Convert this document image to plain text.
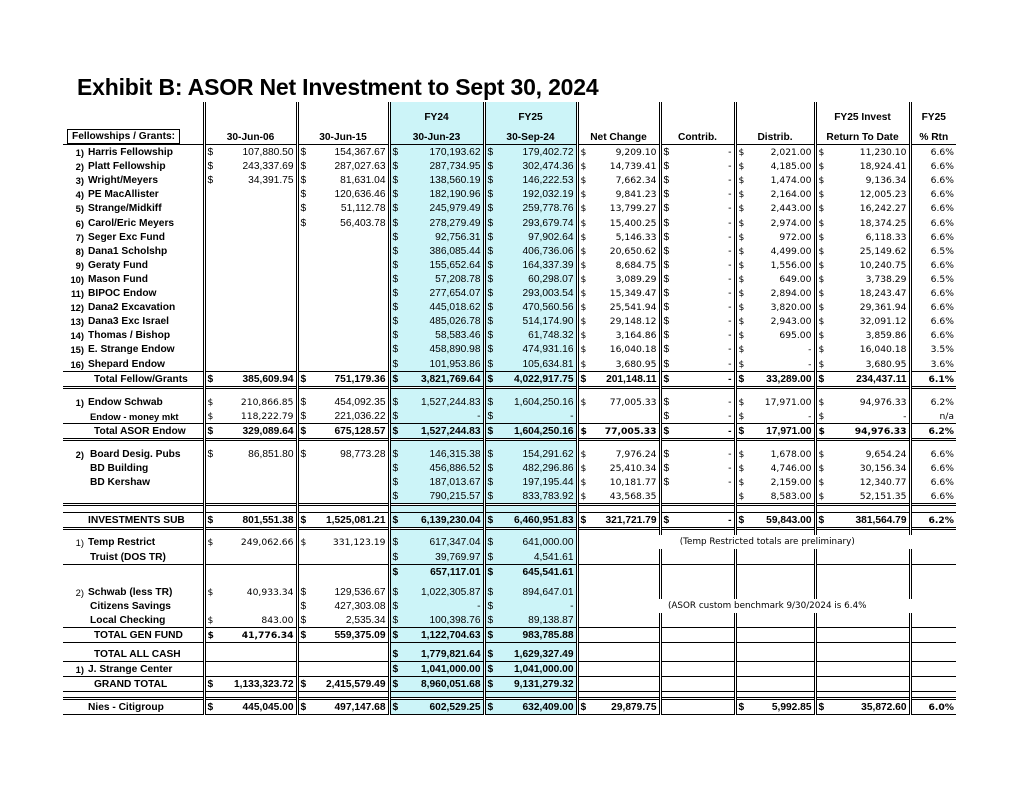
Exhibit B: ASOR Net Investment to Sept 30, 2024
				FY24	FY25				FY25 Invest	FY25
Fellowships / Grants:		30-Jun-06	30-Jun-15	30-Jun-23	30-Sep-24	Net Change	Contrib.	Distrib.	Return To Date	% Rtn
1)	Harris Fellowship	$ 107,880.50	$ 154,367.67	$ 170,193.62	$ 179,402.72	$ 9,209.10	$ -	$ 2,021.00	$ 11,230.10	6.6%
2)	Platt Fellowship	$ 243,337.69	$ 287,027.63	$ 287,734.95	$ 302,474.36	$ 14,739.41	$ -	$ 4,185.00	$ 18,924.41	6.6%
3)	Wright/Meyers	$ 34,391.75	$ 81,631.04	$ 138,560.19	$ 146,222.53	$ 7,662.34	$ -	$ 1,474.00	$ 9,136.34	6.6%
4)	PE MacAllister		$ 120,636.46	$ 182,190.96	$ 192,032.19	$ 9,841.23	$ -	$ 2,164.00	$ 12,005.23	6.6%
5)	Strange/Midkiff		$ 51,112.78	$ 245,979.49	$ 259,778.76	$ 13,799.27	$ -	$ 2,443.00	$ 16,242.27	6.6%
6)	Carol/Eric Meyers		$ 56,403.78	$ 278,279.49	$ 293,679.74	$ 15,400.25	$ -	$ 2,974.00	$ 18,374.25	6.6%
7)	Seger Exc Fund			$ 92,756.31	$ 97,902.64	$ 5,146.33	$ -	$ 972.00	$ 6,118.33	6.6%
8)	Dana1 Scholshp			$ 386,085.44	$ 406,736.06	$ 20,650.62	$ -	$ 4,499.00	$ 25,149.62	6.5%
9)	Geraty Fund			$ 155,652.64	$ 164,337.39	$ 8,684.75	$ -	$ 1,556.00	$ 10,240.75	6.6%
10)	Mason Fund			$ 57,208.78	$ 60,298.07	$ 3,089.29	$ -	$ 649.00	$ 3,738.29	6.5%
11)	BIPOC Endow			$ 277,654.07	$ 293,003.54	$ 15,349.47	$ -	$ 2,894.00	$ 18,243.47	6.6%
12)	Dana2 Excavation			$ 445,018.62	$ 470,560.56	$ 25,541.94	$ -	$ 3,820.00	$ 29,361.94	6.6%
13)	Dana3 Exc Israel			$ 485,026.78	$ 514,174.90	$ 29,148.12	$ -	$ 2,943.00	$ 32,091.12	6.6%
14)	Thomas / Bishop			$ 58,583.46	$ 61,748.32	$ 3,164.86	$ -	$ 695.00	$ 3,859.86	6.6%
15)	E. Strange Endow			$ 458,890.98	$ 474,931.16	$ 16,040.18	$ -	$ -	$ 16,040.18	3.5%
16)	Shepard Endow			$ 101,953.86	$ 105,634.81	$ 3,680.95	$ -	$ -	$ 3,680.95	3.6%
	Total Fellow/Grants	$ 385,609.94	$ 751,179.36	$ 3,821,769.64	$ 4,022,917.75	$ 201,148.11	$ -	$ 33,289.00	$ 234,437.11	6.1%

1)	Endow Schwab	$ 210,866.85	$ 454,092.35	$ 1,527,244.83	$ 1,604,250.16	$ 77,005.33	$ -	$ 17,971.00	$ 94,976.33	6.2%
	Endow - money mkt	$ 118,222.79	$ 221,036.22	$ -	$ -		$ -	$ -	$ -	n/a
	Total ASOR Endow	$ 329,089.64	$ 675,128.57	$ 1,527,244.83	$ 1,604,250.16	$ 77,005.33	$ -	$ 17,971.00	$ 94,976.33	6.2%

2)	Board Desig. Pubs	$ 86,851.80	$ 98,773.28	$ 146,315.38	$ 154,291.62	$ 7,976.24	$ -	$ 1,678.00	$ 9,654.24	6.6%
	BD Building			$ 456,886.52	$ 482,296.86	$ 25,410.34	$ -	$ 4,746.00	$ 30,156.34	6.6%
	BD Kershaw			$ 187,013.67	$ 197,195.44	$ 10,181.77	$ -	$ 2,159.00	$ 12,340.77	6.6%

				$ 790,215.57	$ 833,783.92	$ 43,568.35		$ 8,583.00	$ 52,151.35	6.6%

	INVESTMENTS SUB	$ 801,551.38	$ 1,525,081.21	$ 6,139,230.04	$ 6,460,951.83	$ 321,721.79	$ -	$ 59,843.00	$ 381,564.79	6.2%

1)	Temp Restrict	$ 249,062.66	$ 331,123.19	$ 617,347.04	$ 641,000.00	(Temp Restricted totals are preliminary)				
	Truist (DOS TR)			$ 39,769.97	$ 4,541.61					

				$ 657,117.01	$ 645,541.61					

2)	Schwab (less TR)	$ 40,933.34	$ 129,536.67	$ 1,022,305.87	$ 894,647.01					

	Citizens Savings		$ 427,303.08	$ -	$ -	(ASOR custom benchmark 9/30/2024 is 6.4%				
	Local Checking	$ 843.00	$ 2,535.34	$ 100,398.76	$ 89,138.87					

	TOTAL GEN FUND	$ 41,776.34	$ 559,375.09	$ 1,122,704.63	$ 983,785.88					

	TOTAL ALL CASH			$ 1,779,821.64	$ 1,629,327.49					

1)	J. Strange Center			$ 1,041,000.00	$ 1,041,000.00					

	GRAND TOTAL	$ 1,133,323.72	$ 2,415,579.49	$ 8,960,051.68	$ 9,131,279.32					

	Nies - Citigroup	$ 445,045.00	$ 497,147.68	$ 602,529.25	$ 632,409.00	$ 29,879.75		$ 5,992.85	$ 35,872.60	6.0%
